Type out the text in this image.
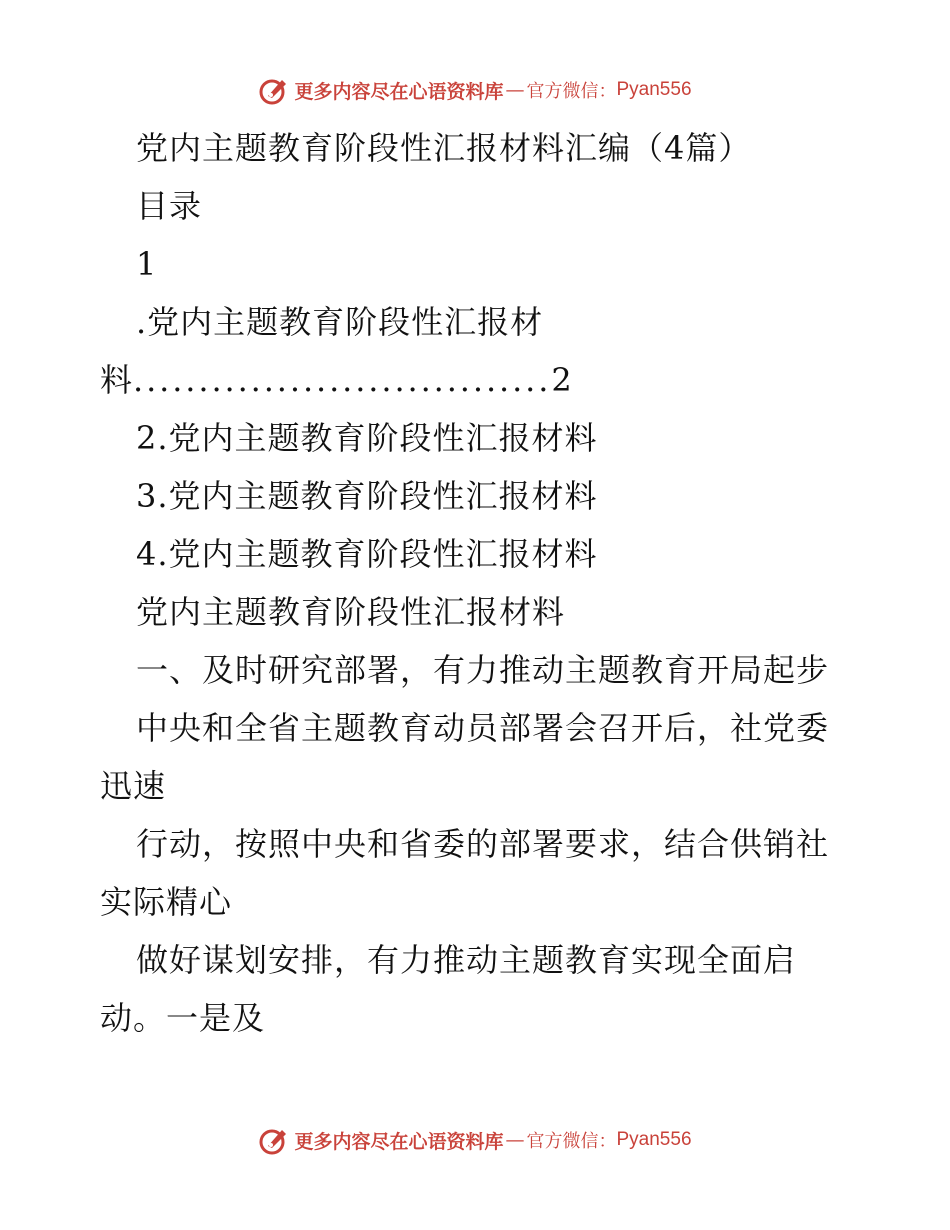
更多内容尽在心语资料库 — 官方微信： Pyan556
党内主题教育阶段性汇报材料汇编（4篇）
目录
1
.党内主题教育阶段性汇报材
料................................2
2.党内主题教育阶段性汇报材料
3.党内主题教育阶段性汇报材料
4.党内主题教育阶段性汇报材料
党内主题教育阶段性汇报材料
一、及时研究部署，有力推动主题教育开局起步
中央和全省主题教育动员部署会召开后，社党委
迅速
行动，按照中央和省委的部署要求，结合供销社
实际精心
做好谋划安排，有力推动主题教育实现全面启
动。一是及
更多内容尽在心语资料库 — 官方微信： Pyan556
